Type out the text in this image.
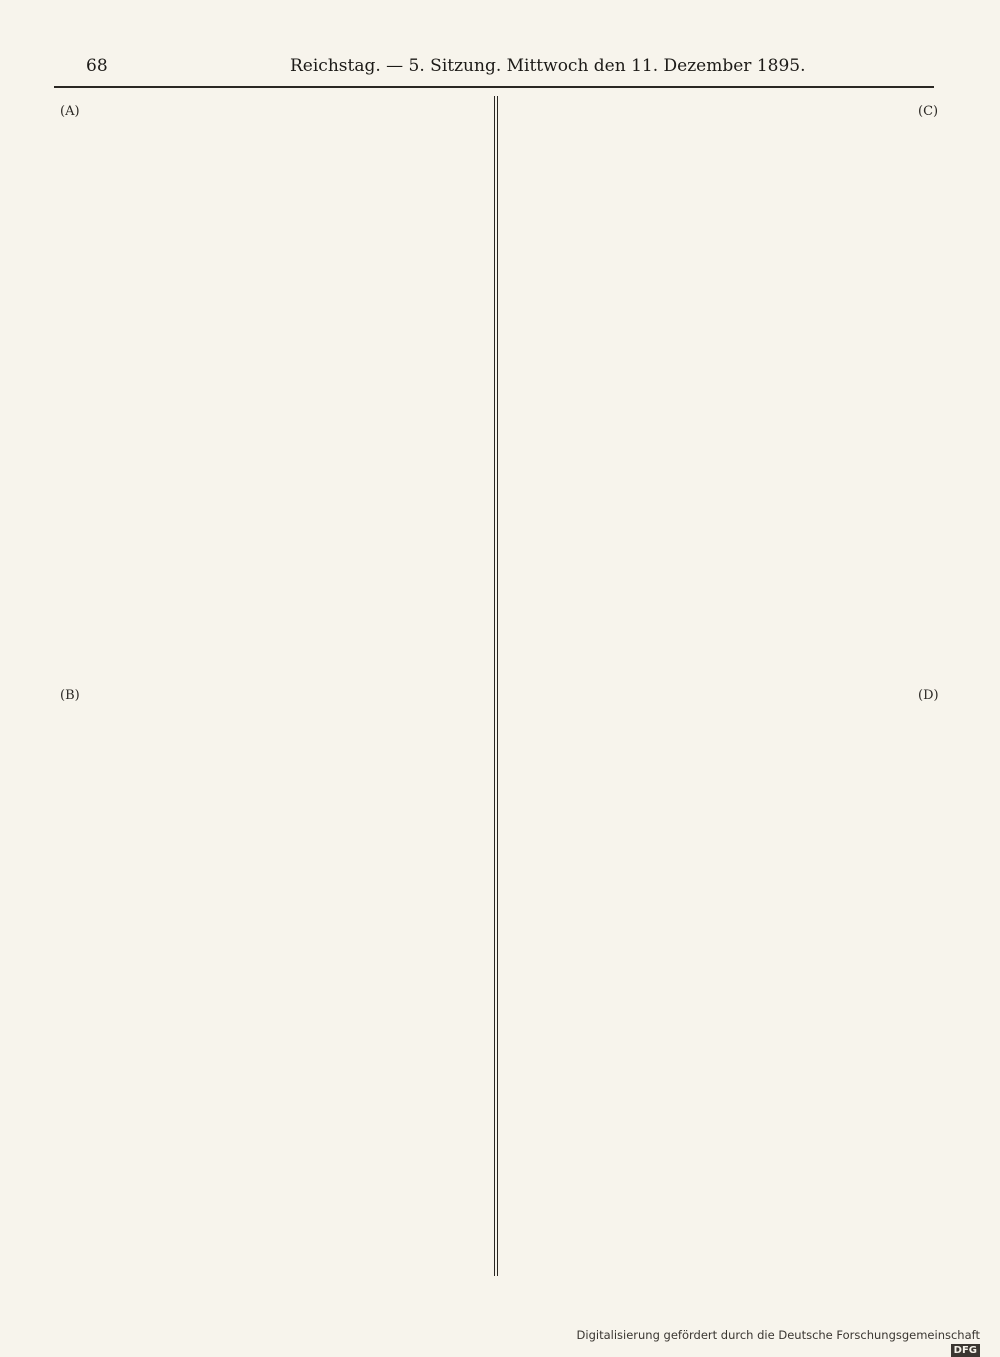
68	Reichstag. — 5. Sitzung. Mittwoch den 11. Dezember 1895.
(A)
(B)
(C)
(D)
Digitalisierung gefördert durch die Deutsche Forschungsgemeinschaft DFG
